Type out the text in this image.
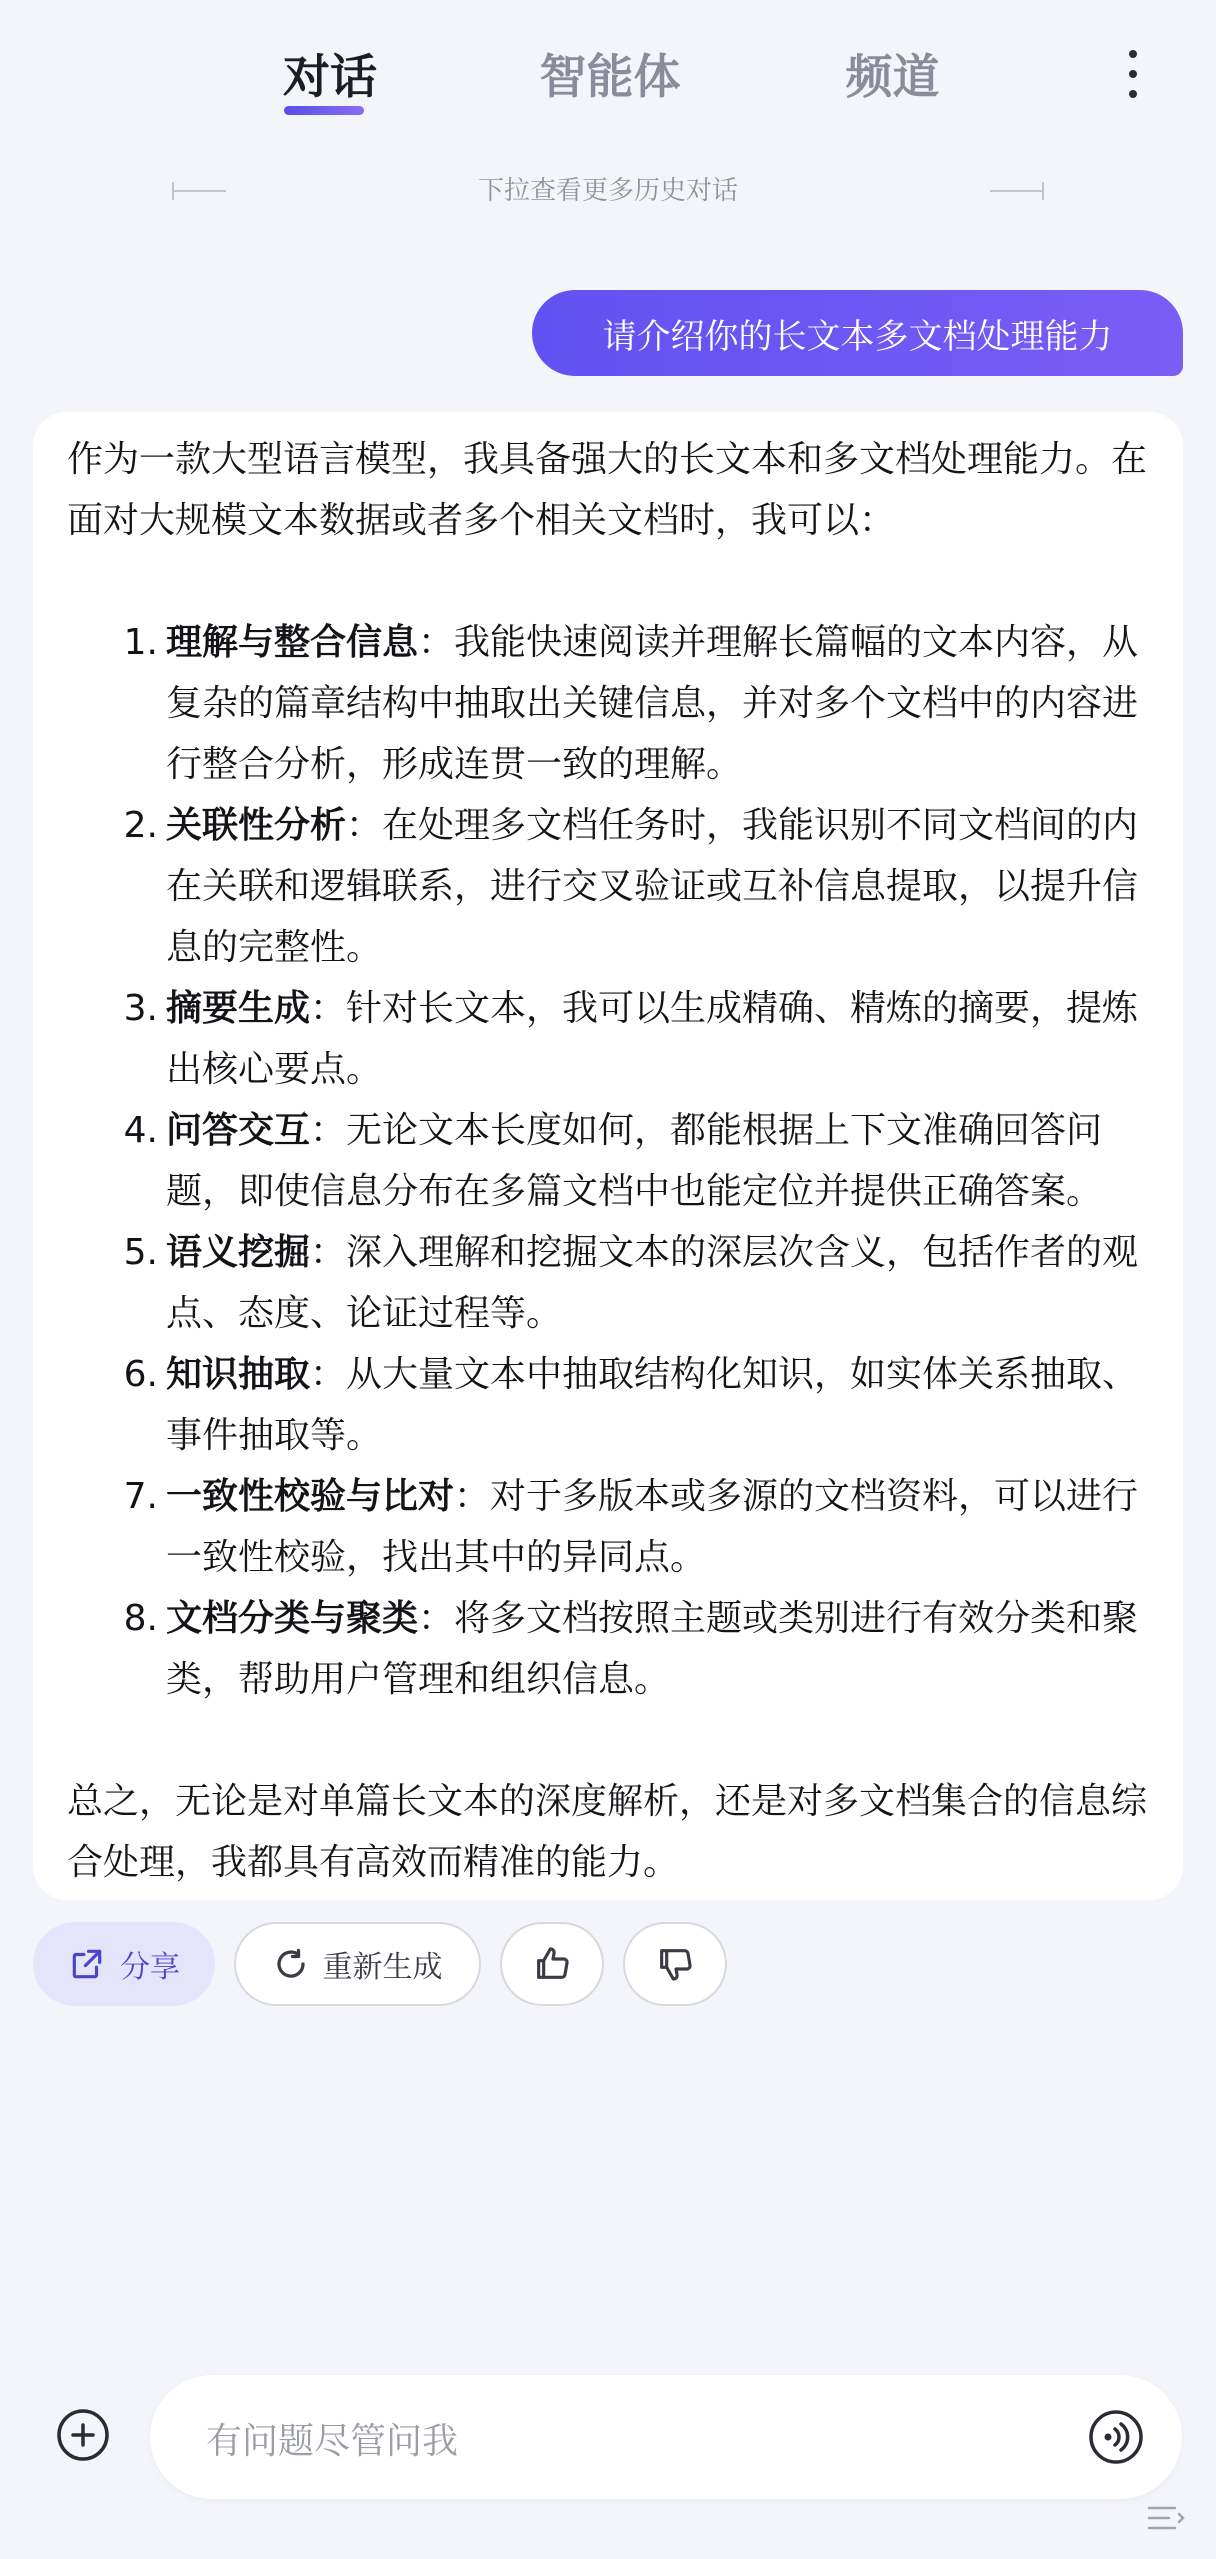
对话	智能体	频道
下拉查看更多历史对话
请介绍你的长文本多文档处理能力

作为一款大型语言模型，我具备强大的长文本和多文档处理能力。在面对大规模文本数据或者多个相关文档时，我可以：

1. 理解与整合信息：我能快速阅读并理解长篇幅的文本内容，从复杂的篇章结构中抽取出关键信息，并对多个文档中的内容进行整合分析，形成连贯一致的理解。
2. 关联性分析：在处理多文档任务时，我能识别不同文档间的内在关联和逻辑联系，进行交叉验证或互补信息提取，以提升信息的完整性。
3. 摘要生成：针对长文本，我可以生成精确、精炼的摘要，提炼出核心要点。
4. 问答交互：无论文本长度如何，都能根据上下文准确回答问题，即使信息分布在多篇文档中也能定位并提供正确答案。
5. 语义挖掘：深入理解和挖掘文本的深层次含义，包括作者的观点、态度、论证过程等。
6. 知识抽取：从大量文本中抽取结构化知识，如实体关系抽取、事件抽取等。
7. 一致性校验与比对：对于多版本或多源的文档资料，可以进行一致性校验，找出其中的异同点。
8. 文档分类与聚类：将多文档按照主题或类别进行有效分类和聚类，帮助用户管理和组织信息。

总之，无论是对单篇长文本的深度解析，还是对多文档集合的信息综合处理，我都具有高效而精准的能力。

分享	重新生成
有问题尽管问我
